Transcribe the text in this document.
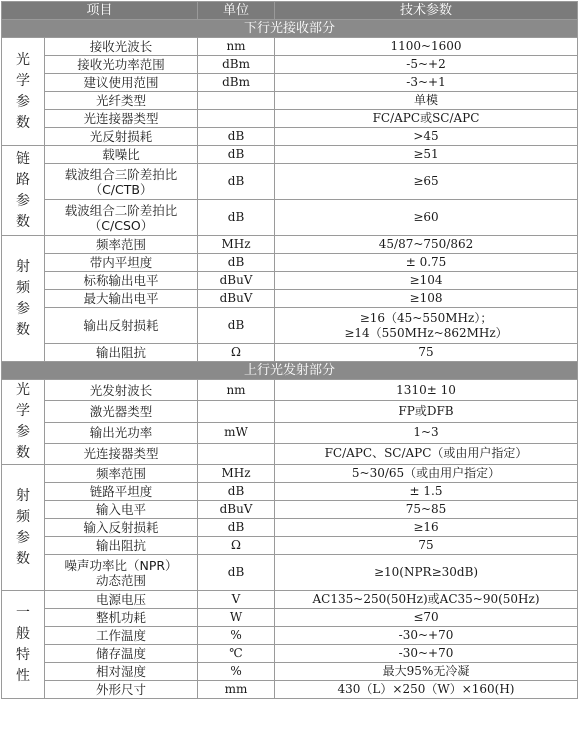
项目		单位	技术参数
下行光接收部分			

光
学
参
数	接收光波长	nm	1100~1600

	接收光功率范围	dBm	-5~+2

	建议使用范围	dBm	-3~+1

	光纤类型		单模

	光连接器类型		FC/APC或SC/APC

	光反射损耗	dB	>45

链
路
参
数	载噪比	dB	≥51

	载波组合三阶差拍比
（C/CTB）	dB	≥65

	载波组合二阶差拍比
（C/CSO）	dB	≥60

射
频
参
数	频率范围	MHz	45/87~750/862

	带内平坦度	dB	± 0.75

	标称输出电平	dBuV	≥104

	最大输出电平	dBuV	≥108

	输出反射损耗	dB	≥16（45~550MHz）；
≥14（550MHz~862MHz）

	输出阻抗	Ω	75

上行光发射部分			

光
学
参
数	光发射波长	nm	1310± 10

	激光器类型		FP或DFB

	输出光功率	mW	1~3

	光连接器类型		FC/APC、SC/APC（或由用户指定）

射
频
参
数	频率范围	MHz	5~30/65（或由用户指定）

	链路平坦度	dB	± 1.5

	输入电平	dBuV	75~85

	输入反射损耗	dB	≥16

	输出阻抗	Ω	75

	噪声功率比（NPR）
动态范围	dB	≥10(NPR≥30dB)

一
般
特
性	电源电压	V	AC135~250(50Hz)或AC35~90(50Hz)

	整机功耗	W	≤70

	工作温度	%	-30~+70

	储存温度	℃	-30~+70

	相对湿度	%	最大95%无冷凝

	外形尺寸	mm	430（L）×250（W）×160(H)
